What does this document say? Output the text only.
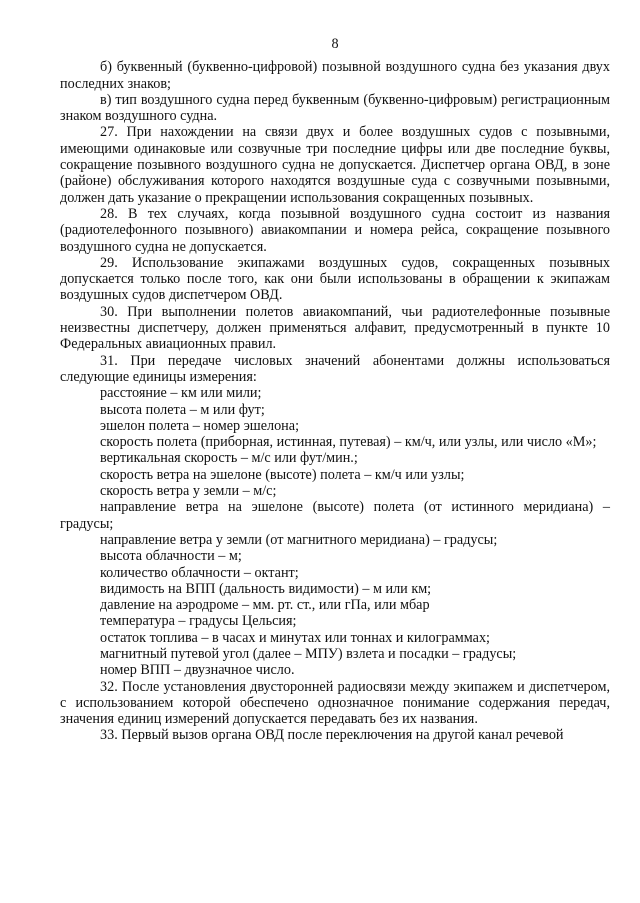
8

б) буквенный (буквенно-цифровой) позывной воздушного судна без указания двух последних знаков;

в) тип воздушного судна перед буквенным (буквенно-цифровым) регистрационным знаком воздушного судна.

27. При нахождении на связи двух и более воздушных судов с позывными, имеющими одинаковые или созвучные три последние цифры или две последние буквы, сокращение позывного воздушного судна не допускается. Диспетчер органа ОВД, в зоне (районе) обслуживания которого находятся воздушные суда с созвучными позывными, должен дать указание о прекращении использования сокращенных позывных.

28. В тех случаях, когда позывной воздушного судна состоит из названия (радиотелефонного позывного) авиакомпании и номера рейса, сокращение позывного воздушного судна не допускается.

29. Использование экипажами воздушных судов, сокращенных позывных допускается только после того, как они были использованы в обращении к экипажам воздушных судов диспетчером ОВД.

30. При выполнении полетов авиакомпаний, чьи радиотелефонные позывные неизвестны диспетчеру, должен применяться алфавит, предусмотренный в пункте 10 Федеральных авиационных правил.

31. При передаче числовых значений абонентами должны использоваться следующие единицы измерения:

расстояние – км или мили;

высота полета – м или фут;

эшелон полета – номер эшелона;

скорость полета (приборная, истинная, путевая) – км/ч, или узлы, или число «М»;

вертикальная скорость – м/с или фут/мин.;

скорость ветра на эшелоне (высоте) полета – км/ч или узлы;

скорость ветра у земли – м/с;

направление ветра на эшелоне (высоте) полета (от истинного меридиана) – градусы;

направление ветра у земли (от магнитного меридиана) – градусы;

высота облачности – м;

количество облачности – октант;

видимость на ВПП (дальность видимости) – м или км;

давление на аэродроме – мм. рт. ст., или гПа, или мбар

температура – градусы Цельсия;

остаток топлива – в часах и минутах или тоннах и килограммах;

магнитный путевой угол (далее – МПУ) взлета и посадки – градусы;

номер ВПП – двузначное число.

32. После установления двусторонней радиосвязи между экипажем и диспетчером, с использованием которой обеспечено однозначное понимание содержания передач, значения единиц измерений допускается передавать без их названия.

33. Первый вызов органа ОВД после переключения на другой канал речевой
